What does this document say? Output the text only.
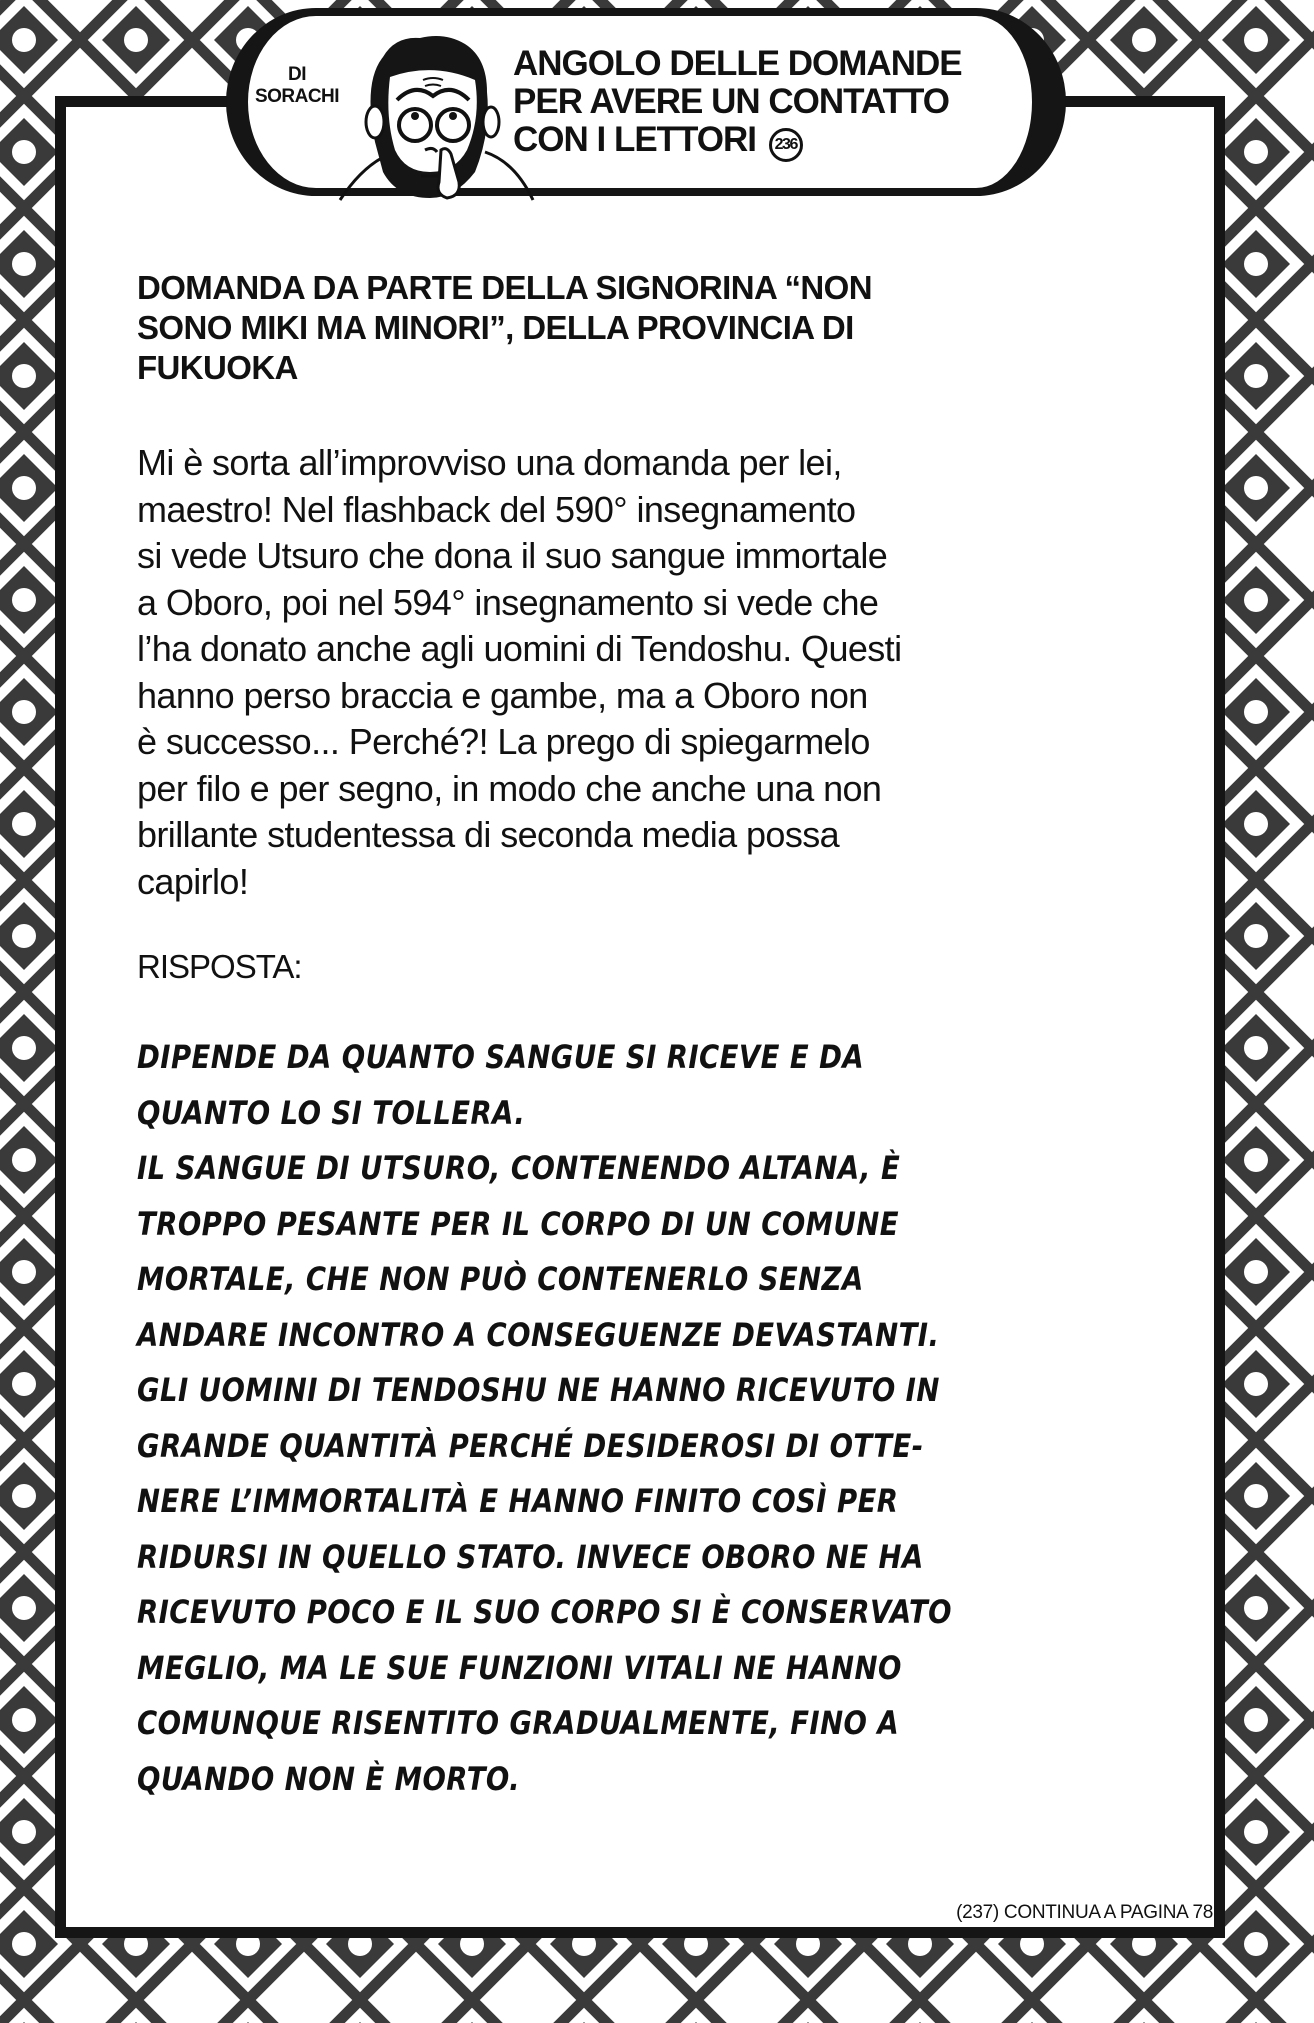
DI
SORACHI
ANGOLO DELLE DOMANDE
PER AVERE UN CONTATTO
CON I LETTORI 236
DOMANDA DA PARTE DELLA SIGNORINA “NON
SONO MIKI MA MINORI”, DELLA PROVINCIA DI
FUKUOKA
Mi è sorta all’improvviso una domanda per lei,
maestro! Nel flashback del 590° insegnamento
si vede Utsuro che dona il suo sangue immortale
a Oboro, poi nel 594° insegnamento si vede che
l’ha donato anche agli uomini di Tendoshu. Questi
hanno perso braccia e gambe, ma a Oboro non
è successo... Perché?! La prego di spiegarmelo
per filo e per segno, in modo che anche una non
brillante studentessa di seconda media possa
capirlo!
RISPOSTA:
DIPENDE DA QUANTO SANGUE SI RICEVE E DA
QUANTO LO SI TOLLERA.
IL SANGUE DI UTSURO, CONTENENDO ALTANA, È
TROPPO PESANTE PER IL CORPO DI UN COMUNE
MORTALE, CHE NON PUÒ CONTENERLO SENZA
ANDARE INCONTRO A CONSEGUENZE DEVASTANTI.
GLI UOMINI DI TENDOSHU NE HANNO RICEVUTO IN
GRANDE QUANTITÀ PERCHÉ DESIDEROSI DI OTTE-
NERE L’IMMORTALITÀ E HANNO FINITO COSÌ PER
RIDURSI IN QUELLO STATO. INVECE OBORO NE HA
RICEVUTO POCO E IL SUO CORPO SI È CONSERVATO
MEGLIO, MA LE SUE FUNZIONI VITALI NE HANNO
COMUNQUE RISENTITO GRADUALMENTE, FINO A
QUANDO NON È MORTO.
(237) CONTINUA A PAGINA 78
